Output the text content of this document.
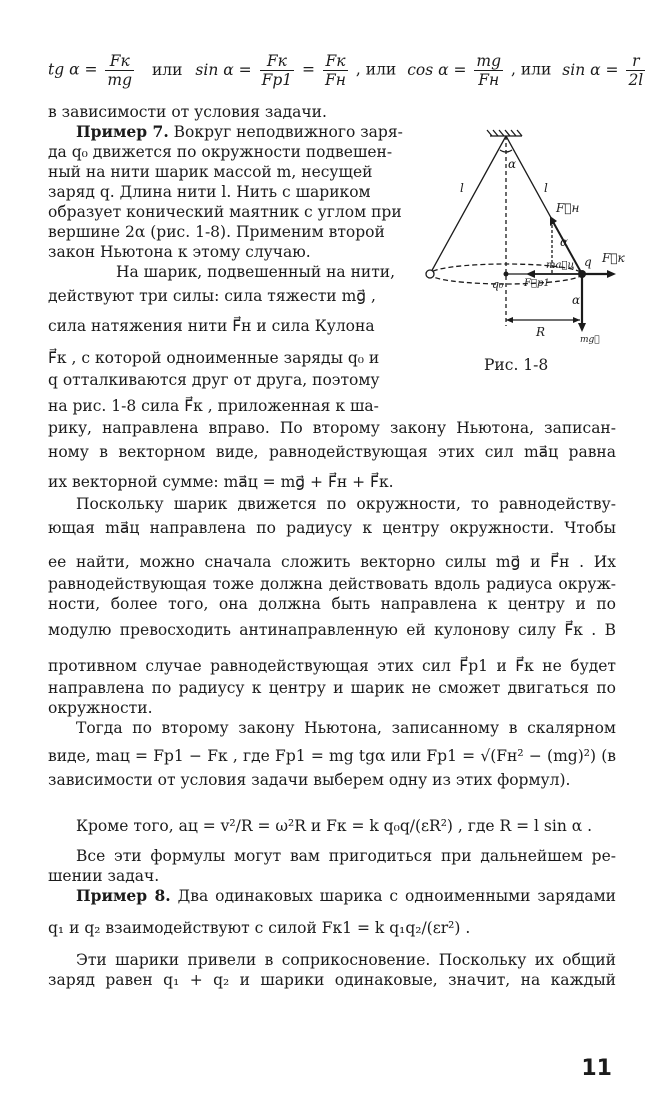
tg $\alpha = \frac{Fк}{mg}$ или $\sin \alpha = \frac{Fк}{Fр1} = \frac{Fк}{Fн}$ , или $\cos \alpha = \frac{mg}{Fн}$ , или $\sin \alpha = \frac{r}{2l}$
в зависимости от условия задачи.
Пример 7. Вокруг неподвижного заря-
да q₀ движется по окружности подвешен-
ный на нити шарик массой m, несущей
заряд q. Длина нити l. Нить с шариком
образует конический маятник с углом при
вершине 2α (рис. 1-8). Применим второй
закон Ньютона к этому случаю.
На шарик, подвешенный на нити,
действуют три силы: сила тяжести mg⃗ ,
сила натяжения нити F⃗н и сила Кулона
F⃗к , с которой одноименные заряды q₀ и
q отталкиваются друг от друга, поэтому
на рис. 1-8 сила F⃗к , приложенная к ша-
рику, направлена вправо. По второму закону Ньютона, записан-
ному в векторном виде, равнодействующая этих сил ma⃗ц равна
их векторной сумме: ma⃗ц = mg⃗ + F⃗н + F⃗к.
Поскольку шарик движется по окружности, то равнодейству-
ющая ma⃗ц направлена по радиусу к центру окружности. Чтобы
ее найти, можно сначала сложить векторно силы mg⃗ и F⃗н . Их
равнодействующая тоже должна действовать вдоль радиуса окруж-
ности, более того, она должна быть направлена к центру и по
модулю превосходить антинаправленную ей кулонову силу F⃗к . В
противном случае равнодействующая этих сил F⃗р1 и F⃗к не будет
направлена по радиусу к центру и шарик не сможет двигаться по
окружности.
Тогда по второму закону Ньютона, записанному в скалярном
виде, maц = Fр1 − Fк , где Fр1 = mg tgα или Fр1 = √(Fн² − (mg)²) (в
зависимости от условия задачи выберем одну из этих формул).
Кроме того, aц = v²/R = ω²R и Fк = k q₀q/(εR²) , где R = l sin α .
Все эти формулы могут вам пригодиться при дальнейшем ре-
шении задач.
Пример 8. Два одинаковых шарика с одноименными зарядами
q₁ и q₂ взаимодействуют с силой Fк1 = k q₁q₂/(εr²) .
Эти шарики привели в соприкосновение. Поскольку их общий
заряд равен q₁ + q₂ и шарики одинаковые, значит, на каждый
α
l	l
F⃗н
α
ma⃗ц q F⃗к
F⃗р1
q₀
α
R
mg⃗
Рис. 1-8
11
